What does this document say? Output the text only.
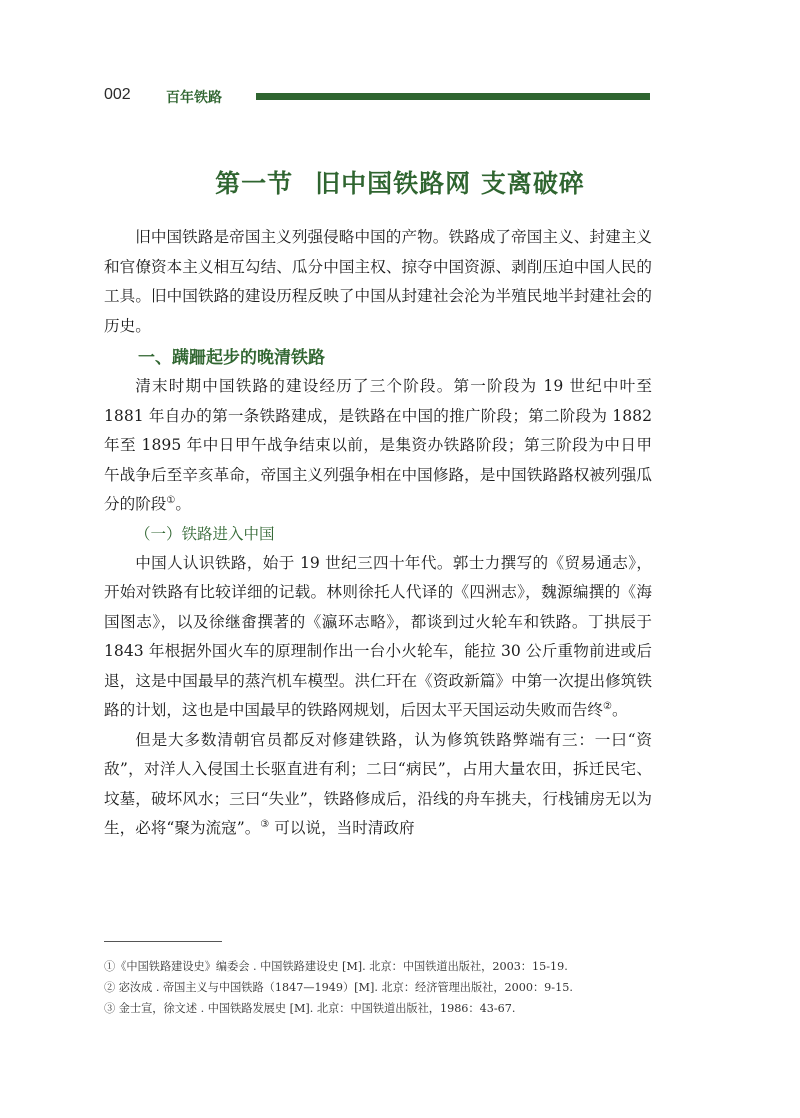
002	百年铁路
第一节 旧中国铁路网 支离破碎

旧中国铁路是帝国主义列强侵略中国的产物。铁路成了帝国主义、封建主义和官僚资本主义相互勾结、瓜分中国主权、掠夺中国资源、剥削压迫中国人民的工具。旧中国铁路的建设历程反映了中国从封建社会沦为半殖民地半封建社会的历史。

一、蹒跚起步的晚清铁路

清末时期中国铁路的建设经历了三个阶段。第一阶段为 19 世纪中叶至 1881 年自办的第一条铁路建成，是铁路在中国的推广阶段；第二阶段为 1882 年至 1895 年中日甲午战争结束以前，是集资办铁路阶段；第三阶段为中日甲午战争后至辛亥革命，帝国主义列强争相在中国修路，是中国铁路路权被列强瓜分的阶段①。

（一）铁路进入中国

中国人认识铁路，始于 19 世纪三四十年代。郭士力撰写的《贸易通志》，开始对铁路有比较详细的记载。林则徐托人代译的《四洲志》，魏源编撰的《海国图志》，以及徐继畬撰著的《瀛环志略》，都谈到过火轮车和铁路。丁拱辰于 1843 年根据外国火车的原理制作出一台小火轮车，能拉 30 公斤重物前进或后退，这是中国最早的蒸汽机车模型。洪仁玕在《资政新篇》中第一次提出修筑铁路的计划，这也是中国最早的铁路网规划，后因太平天国运动失败而告终②。

但是大多数清朝官员都反对修建铁路，认为修筑铁路弊端有三：一曰“资敌”，对洋人入侵国土长驱直进有利；二曰“病民”，占用大量农田，拆迁民宅、坟墓，破坏风水；三曰“失业”，铁路修成后，沿线的舟车挑夫，行栈铺房无以为生，必将“聚为流寇”。③ 可以说，当时清政府

①《中国铁路建设史》编委会 . 中国铁路建设史 [M]. 北京：中国铁道出版社，2003：15-19.

② 宓汝成 . 帝国主义与中国铁路（1847—1949）[M]. 北京：经济管理出版社，2000：9-15.

③ 金士宣，徐文述 . 中国铁路发展史 [M]. 北京：中国铁道出版社，1986：43-67.
